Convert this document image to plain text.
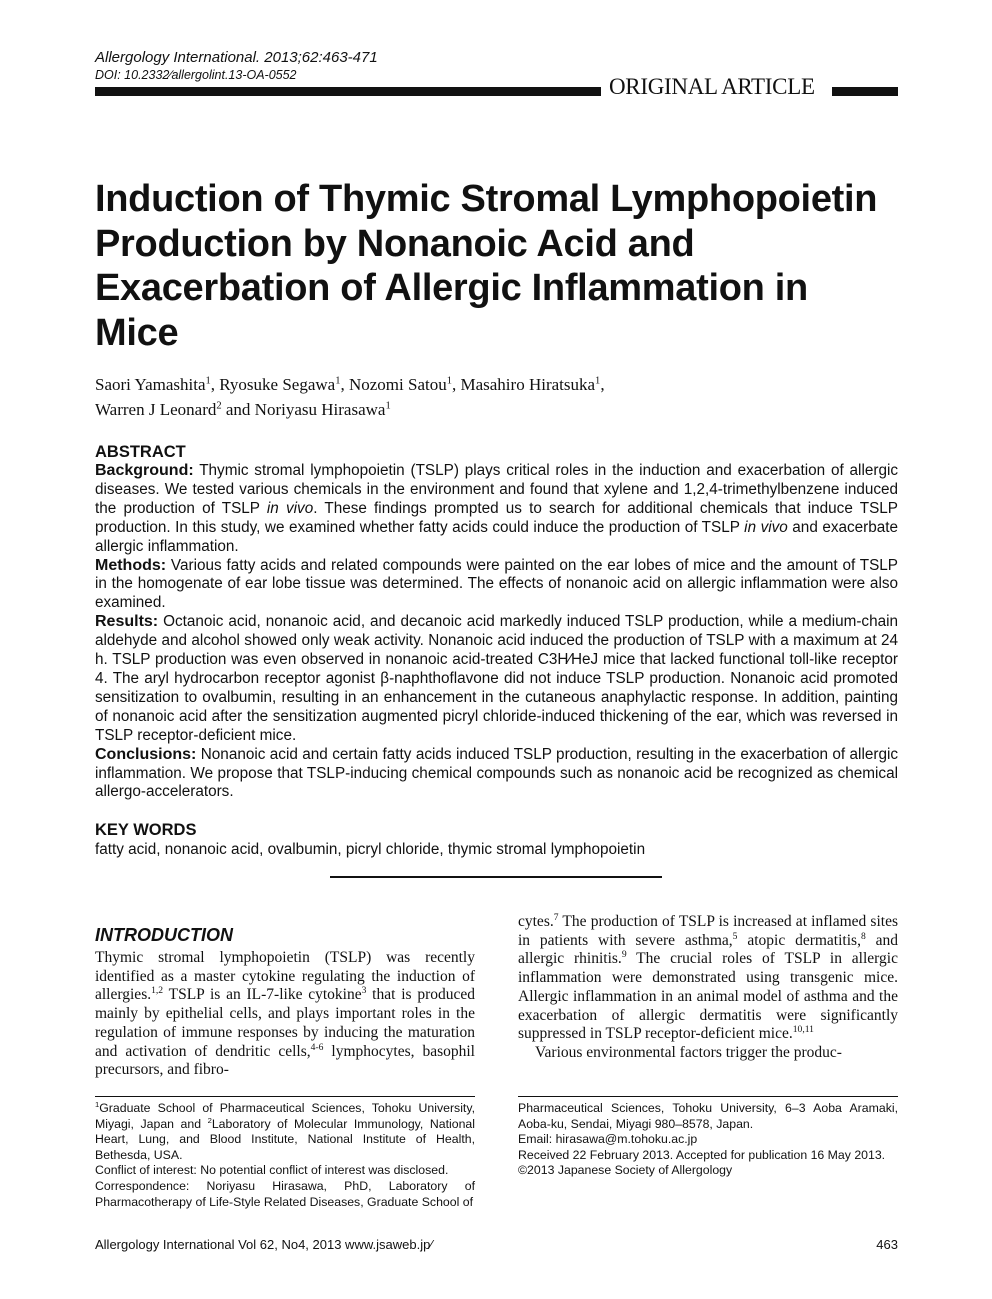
Allergology International. 2013;62:463-471
DOI: 10.2332∕allergolint.13-OA-0552	ORIGINAL ARTICLE
Induction of Thymic Stromal Lymphopoietin Production by Nonanoic Acid and Exacerbation of Allergic Inflammation in Mice
Saori Yamashita$^1$, Ryosuke Segawa$^1$, Nozomi Satou$^1$, Masahiro Hiratsuka$^1$,
Warren J Leonard$^2$ and Noriyasu Hirasawa$^1$
ABSTRACT

Background: Thymic stromal lymphopoietin (TSLP) plays critical roles in the induction and exacerbation of allergic diseases. We tested various chemicals in the environment and found that xylene and 1,2,4-trimethylbenzene induced the production of TSLP in vivo. These findings prompted us to search for additional chemicals that induce TSLP production. In this study, we examined whether fatty acids could induce the production of TSLP in vivo and exacerbate allergic inflammation.

Methods: Various fatty acids and related compounds were painted on the ear lobes of mice and the amount of TSLP in the homogenate of ear lobe tissue was determined. The effects of nonanoic acid on allergic inflammation were also examined.

Results: Octanoic acid, nonanoic acid, and decanoic acid markedly induced TSLP production, while a medium-chain aldehyde and alcohol showed only weak activity. Nonanoic acid induced the production of TSLP with a maximum at 24 h. TSLP production was even observed in nonanoic acid-treated C3H∕HeJ mice that lacked functional toll-like receptor 4. The aryl hydrocarbon receptor agonist β-naphthoflavone did not induce TSLP production. Nonanoic acid promoted sensitization to ovalbumin, resulting in an enhancement in the cutaneous anaphylactic response. In addition, painting of nonanoic acid after the sensitization augmented picryl chloride-induced thickening of the ear, which was reversed in TSLP receptor-deficient mice.

Conclusions: Nonanoic acid and certain fatty acids induced TSLP production, resulting in the exacerbation of allergic inflammation. We propose that TSLP-inducing chemical compounds such as nonanoic acid be recognized as chemical allergo-accelerators.

KEY WORDS
fatty acid, nonanoic acid, ovalbumin, picryl chloride, thymic stromal lymphopoietin
INTRODUCTION

Thymic stromal lymphopoietin (TSLP) was recently identified as a master cytokine regulating the induction of allergies.$^{1,2}$ TSLP is an IL-7-like cytokine$^3$ that is produced mainly by epithelial cells, and plays important roles in the regulation of immune responses by inducing the maturation and activation of dendritic cells,$^{4-6}$ lymphocytes, basophil precursors, and fibro-

cytes.$^7$ The production of TSLP is increased at inflamed sites in patients with severe asthma,$^5$ atopic dermatitis,$^8$ and allergic rhinitis.$^9$ The crucial roles of TSLP in allergic inflammation were demonstrated using transgenic mice. Allergic inflammation in an animal model of asthma and the exacerbation of allergic dermatitis were significantly suppressed in TSLP receptor-deficient mice.$^{10,11}$

Various environmental factors trigger the produc-

$^1$Graduate School of Pharmaceutical Sciences, Tohoku University, Miyagi, Japan and $^2$Laboratory of Molecular Immunology, National Heart, Lung, and Blood Institute, National Institute of Health, Bethesda, USA.

Conflict of interest: No potential conflict of interest was disclosed.

Correspondence: Noriyasu Hirasawa, PhD, Laboratory of Pharmacotherapy of Life-Style Related Diseases, Graduate School of

Pharmaceutical Sciences, Tohoku University, 6–3 Aoba Aramaki, Aoba-ku, Sendai, Miyagi 980–8578, Japan.

Email: hirasawa@m.tohoku.ac.jp

Received 22 February 2013. Accepted for publication 16 May 2013.

©2013 Japanese Society of Allergology

Allergology International Vol 62, No4, 2013 www.jsaweb.jp∕	463
